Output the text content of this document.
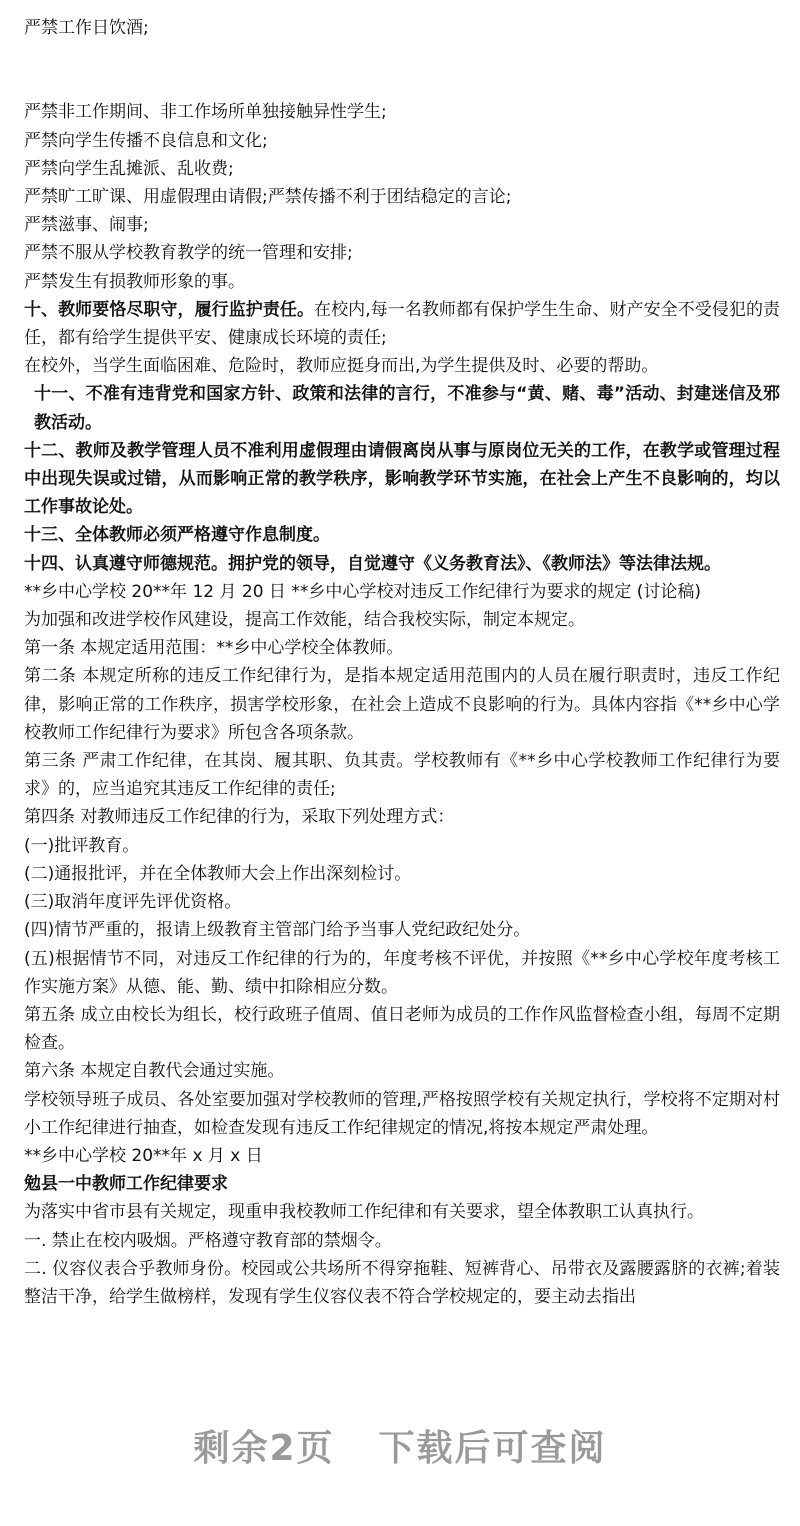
严禁工作日饮酒;

严禁非工作期间、非工作场所单独接触异性学生;

严禁向学生传播不良信息和文化;

严禁向学生乱摊派、乱收费;

严禁旷工旷课、用虚假理由请假;严禁传播不利于团结稳定的言论;

严禁滋事、闹事;

严禁不服从学校教育教学的统一管理和安排;

严禁发生有损教师形象的事。

十、教师要恪尽职守，履行监护责任。在校内,每一名教师都有保护学生生命、财产安全不受侵犯的责任，都有给学生提供平安、健康成长环境的责任;

在校外，当学生面临困难、危险时，教师应挺身而出,为学生提供及时、必要的帮助。

十一、不准有违背党和国家方针、政策和法律的言行，不准参与“黄、赌、毒”活动、封建迷信及邪教活动。

十二、教师及教学管理人员不准利用虚假理由请假离岗从事与原岗位无关的工作，在教学或管理过程中出现失误或过错，从而影响正常的教学秩序，影响教学环节实施，在社会上产生不良影响的，均以工作事故论处。

十三、全体教师必须严格遵守作息制度。

十四、认真遵守师德规范。拥护党的领导，自觉遵守《义务教育法》、《教师法》等法律法规。

**乡中心学校 20**年 12 月 20 日 **乡中心学校对违反工作纪律行为要求的规定 (讨论稿)

为加强和改进学校作风建设，提高工作效能，结合我校实际，制定本规定。

第一条 本规定适用范围：**乡中心学校全体教师。

第二条 本规定所称的违反工作纪律行为，是指本规定适用范围内的人员在履行职责时，违反工作纪律，影响正常的工作秩序，损害学校形象，在社会上造成不良影响的行为。具体内容指《**乡中心学校教师工作纪律行为要求》所包含各项条款。

第三条 严肃工作纪律，在其岗、履其职、负其责。学校教师有《**乡中心学校教师工作纪律行为要求》的，应当追究其违反工作纪律的责任;

第四条 对教师违反工作纪律的行为，采取下列处理方式：

(一)批评教育。

(二)通报批评，并在全体教师大会上作出深刻检讨。

(三)取消年度评先评优资格。

(四)情节严重的，报请上级教育主管部门给予当事人党纪政纪处分。

(五)根据情节不同，对违反工作纪律的行为的，年度考核不评优，并按照《**乡中心学校年度考核工作实施方案》从德、能、勤、绩中扣除相应分数。

第五条 成立由校长为组长，校行政班子值周、值日老师为成员的工作作风监督检查小组，每周不定期检查。

第六条 本规定自教代会通过实施。

学校领导班子成员、各处室要加强对学校教师的管理,严格按照学校有关规定执行，学校将不定期对村小工作纪律进行抽查，如检查发现有违反工作纪律规定的情况,将按本规定严肃处理。

**乡中心学校 20**年 x 月 x 日

勉县一中教师工作纪律要求

为落实中省市县有关规定，现重申我校教师工作纪律和有关要求，望全体教职工认真执行。

一. 禁止在校内吸烟。严格遵守教育部的禁烟令。

二. 仪容仪表合乎教师身份。校园或公共场所不得穿拖鞋、短裤背心、吊带衣及露腰露脐的衣裤;着装整洁干净，给学生做榜样，发现有学生仪容仪表不符合学校规定的，要主动去指出

剩余2页 下载后可查阅
